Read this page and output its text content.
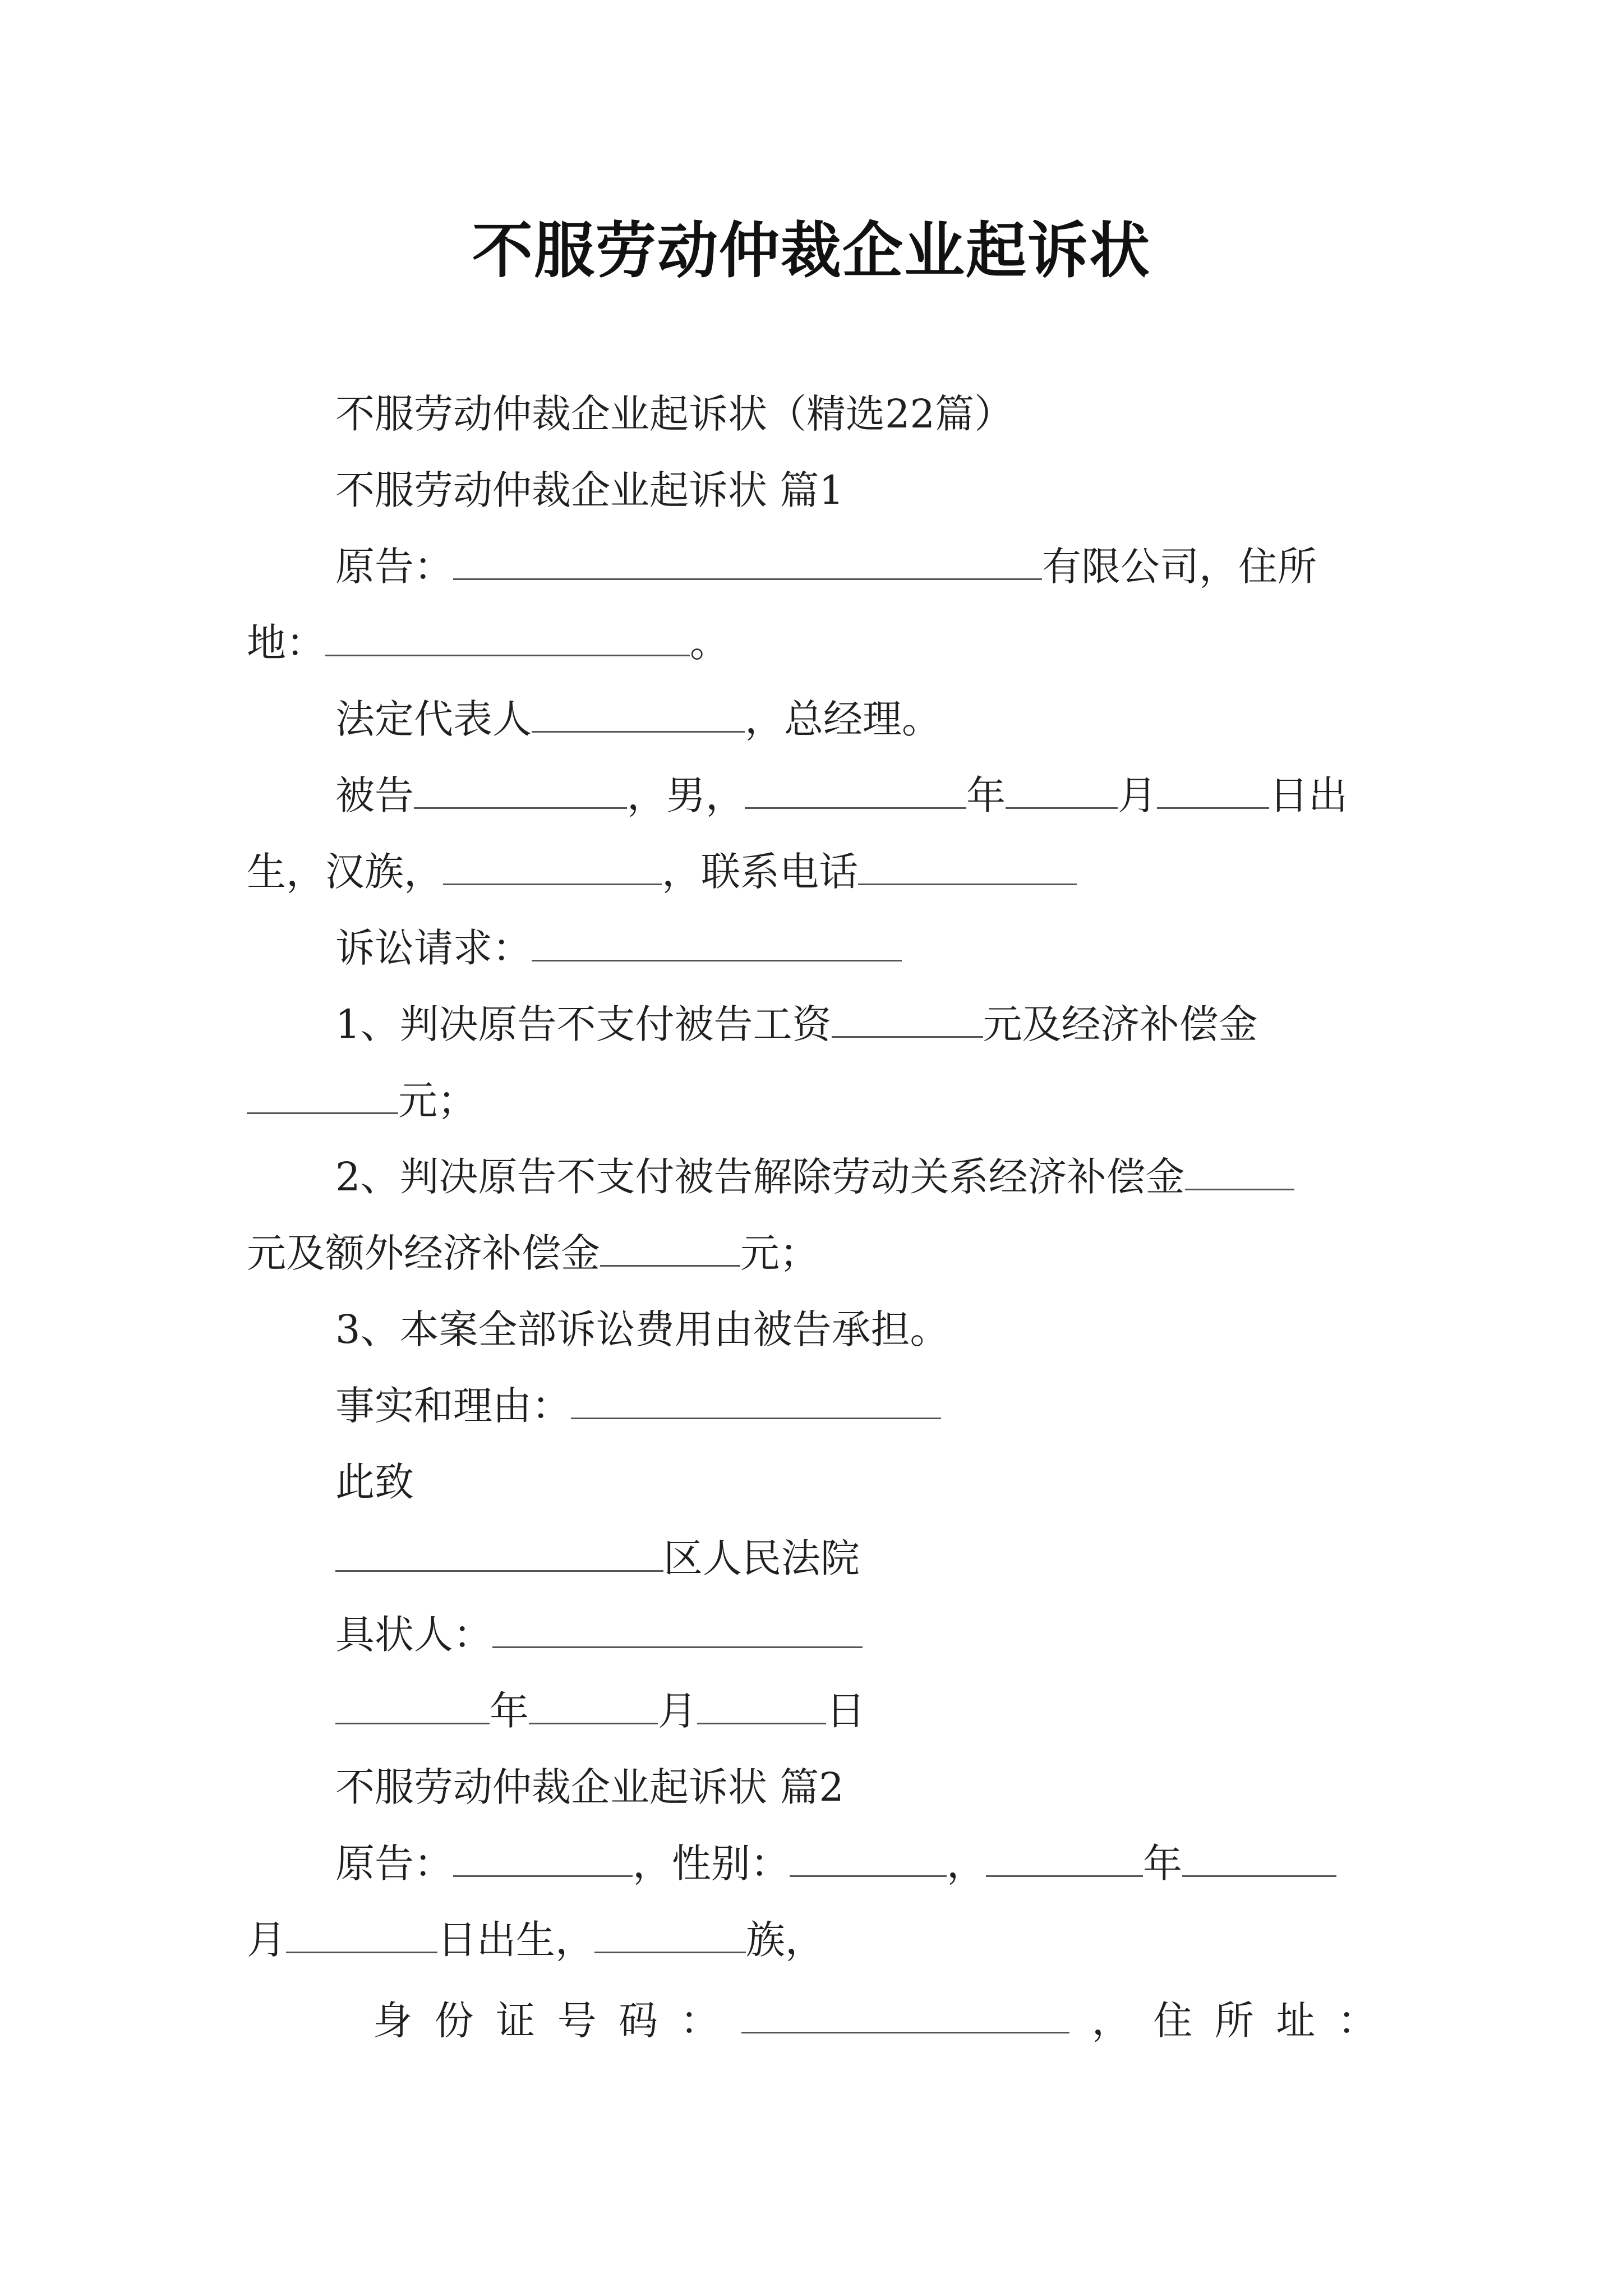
不服劳动仲裁企业起诉状
不服劳动仲裁企业起诉状（精选22篇）
不服劳动仲裁企业起诉状 篇1
原告：	有限公司，住所
地：	。
法定代表人	，总经理。
被告	，男，	年	月	日出
生，汉族，	，联系电话
诉讼请求：
1、判决原告不支付被告工资	元及经济补偿金
元；
2、判决原告不支付被告解除劳动关系经济补偿金
元及额外经济补偿金	元；
3、本案全部诉讼费用由被告承担。
事实和理由：
此致
区人民法院
具状人：
年	月	日
不服劳动仲裁企业起诉状 篇2
原告：	，性别：	，	年
月	日出生，	族，
身 份 证 号 码 ：	， 住 所 址 ：
